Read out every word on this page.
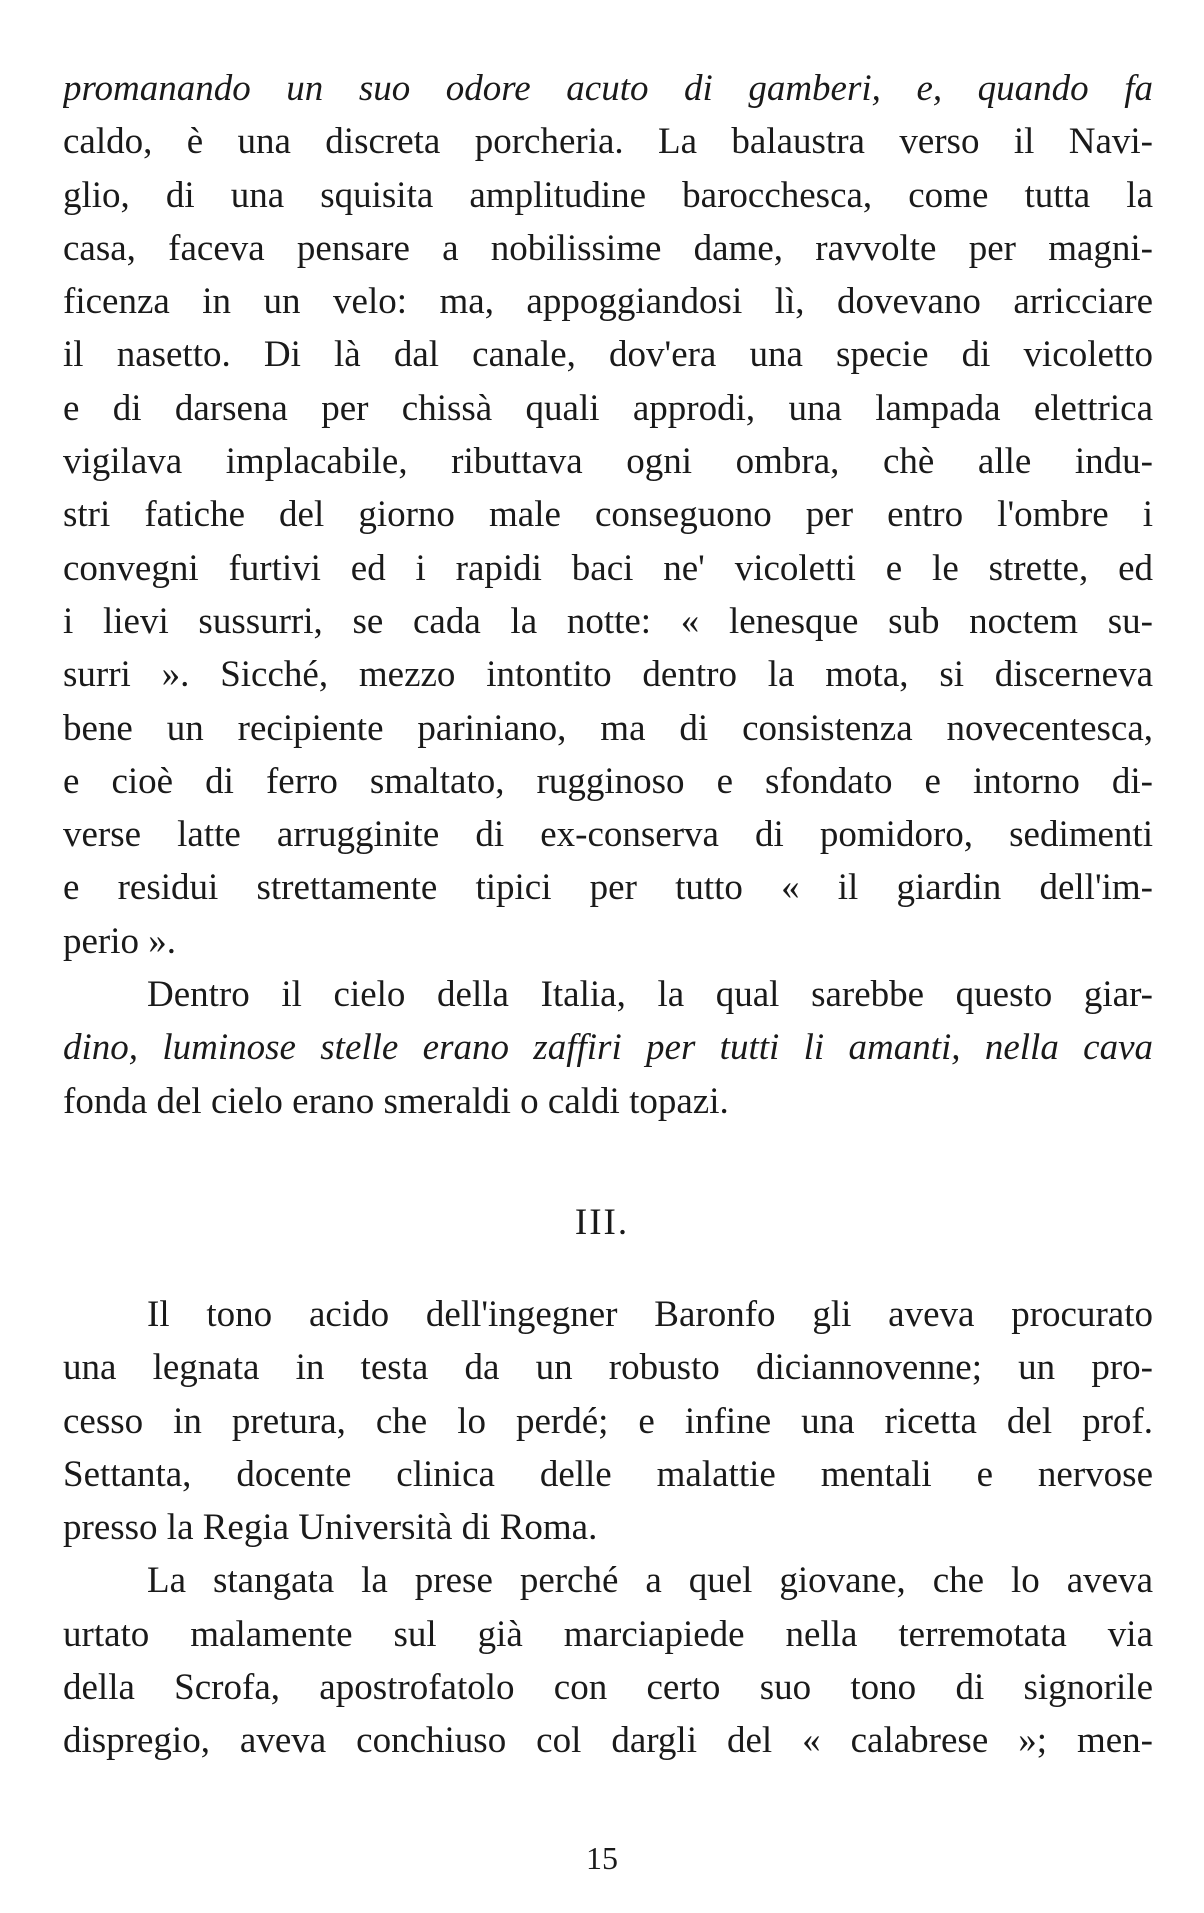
promanando un suo odore acuto di gamberi, e, quando fa
caldo, è una discreta porcheria. La balaustra verso il Navi-
glio, di una squisita amplitudine barocchesca, come tutta la
casa, faceva pensare a nobilissime dame, ravvolte per magni-
ficenza in un velo: ma, appoggiandosi lì, dovevano arricciare
il nasetto. Di là dal canale, dov'era una specie di vicoletto
e di darsena per chissà quali approdi, una lampada elettrica
vigilava implacabile, ributtava ogni ombra, chè alle indu-
stri fatiche del giorno male conseguono per entro l'ombre i
convegni furtivi ed i rapidi baci ne' vicoletti e le strette, ed
i lievi sussurri, se cada la notte: « lenesque sub noctem su-
surri ». Sicché, mezzo intontito dentro la mota, si discerneva
bene un recipiente pariniano, ma di consistenza novecentesca,
e cioè di ferro smaltato, rugginoso e sfondato e intorno di-
verse latte arrugginite di ex-conserva di pomidoro, sedimenti
e residui strettamente tipici per tutto « il giardin dell'im-
perio ».
Dentro il cielo della Italia, la qual sarebbe questo giar-
dino, luminose stelle erano zaffiri per tutti li amanti, nella cava
fonda del cielo erano smeraldi o caldi topazi.
III.
Il tono acido dell'ingegner Baronfo gli aveva procurato
una legnata in testa da un robusto diciannovenne; un pro-
cesso in pretura, che lo perdé; e infine una ricetta del prof.
Settanta, docente clinica delle malattie mentali e nervose
presso la Regia Università di Roma.
La stangata la prese perché a quel giovane, che lo aveva
urtato malamente sul già marciapiede nella terremotata via
della Scrofa, apostrofatolo con certo suo tono di signorile
dispregio, aveva conchiuso col dargli del « calabrese »; men-
15
